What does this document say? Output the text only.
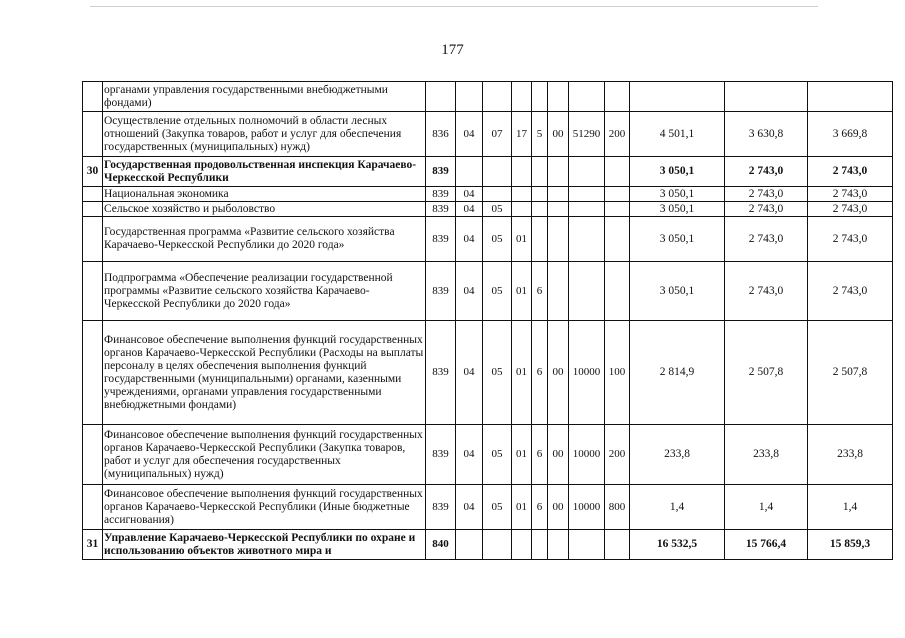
177
	органами управления государственными внебюджетными фондами)											
	Осуществление отдельных полномочий в области лесных отношений (Закупка товаров, работ и услуг для обеспечения государственных (муниципальных) нужд)	836	04	07	17	5	00	51290	200	4 501,1	3 630,8	3 669,8
30	Государственная продовольственная инспекция Карачаево-Черкесской Республики	839								3 050,1	2 743,0	2 743,0
	Национальная экономика	839	04							3 050,1	2 743,0	2 743,0
	Сельское хозяйство и рыболовство	839	04	05						3 050,1	2 743,0	2 743,0
	Государственная программа «Развитие сельского хозяйства Карачаево-Черкесской Республики до 2020 года»	839	04	05	01					3 050,1	2 743,0	2 743,0
	Подпрограмма «Обеспечение реализации государственной программы «Развитие сельского хозяйства Карачаево-Черкесской Республики до 2020 года»	839	04	05	01	6				3 050,1	2 743,0	2 743,0
	Финансовое обеспечение выполнения функций государственных органов Карачаево-Черкесской Республики (Расходы на выплаты персоналу в целях обеспечения выполнения функций государственными (муниципальными) органами, казенными учреждениями, органами управления государственными внебюджетными фондами)	839	04	05	01	6	00	10000	100	2 814,9	2 507,8	2 507,8
	Финансовое обеспечение выполнения функций государственных органов Карачаево-Черкесской Республики (Закупка товаров, работ и услуг для обеспечения государственных (муниципальных) нужд)	839	04	05	01	6	00	10000	200	233,8	233,8	233,8
	Финансовое обеспечение выполнения функций государственных органов Карачаево-Черкесской Республики (Иные бюджетные ассигнования)	839	04	05	01	6	00	10000	800	1,4	1,4	1,4
31	Управление Карачаево-Черкесской Республики по охране и использованию объектов животного мира и	840								16 532,5	15 766,4	15 859,3
